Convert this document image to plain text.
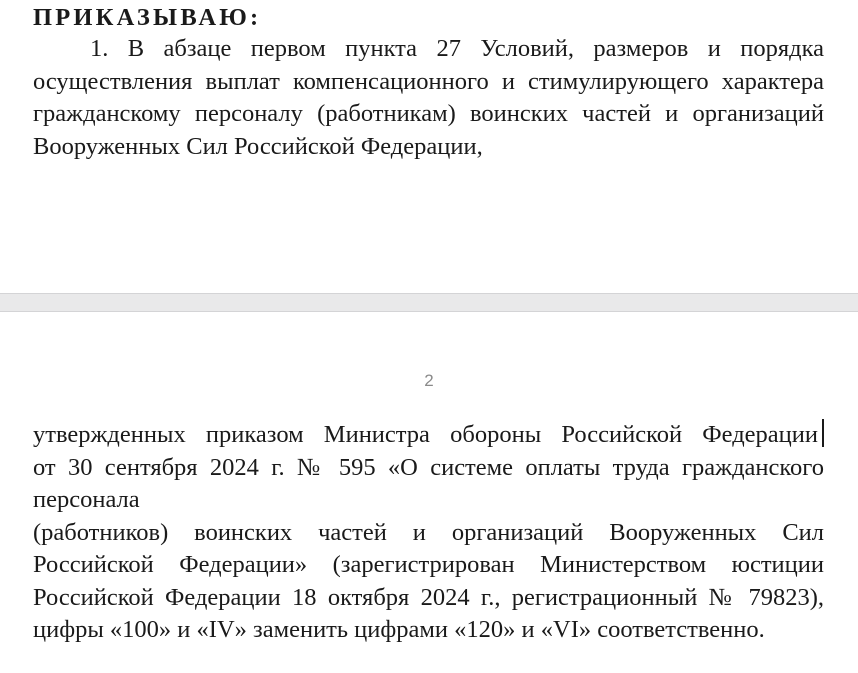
ПРИКАЗЫВАЮ:

1. В абзаце первом пункта 27 Условий, размеров и порядка осуществления выплат компенсационного и стимулирующего характера гражданскому персоналу (работникам) воинских частей и организаций Вооруженных Сил Российской Федерации,

2

утвержденных приказом Министра обороны Российской Федерации

от 30 сентября 2024 г. № 595 «О системе оплаты труда гражданского

персонала

(работников) воинских частей и организаций Вооруженных Сил Российской Федерации» (зарегистрирован Министерством юстиции Российской Федерации 18 октября 2024 г., регистрационный № 79823), цифры «100» и «IV» заменить цифрами «120» и «VI» соответственно.
